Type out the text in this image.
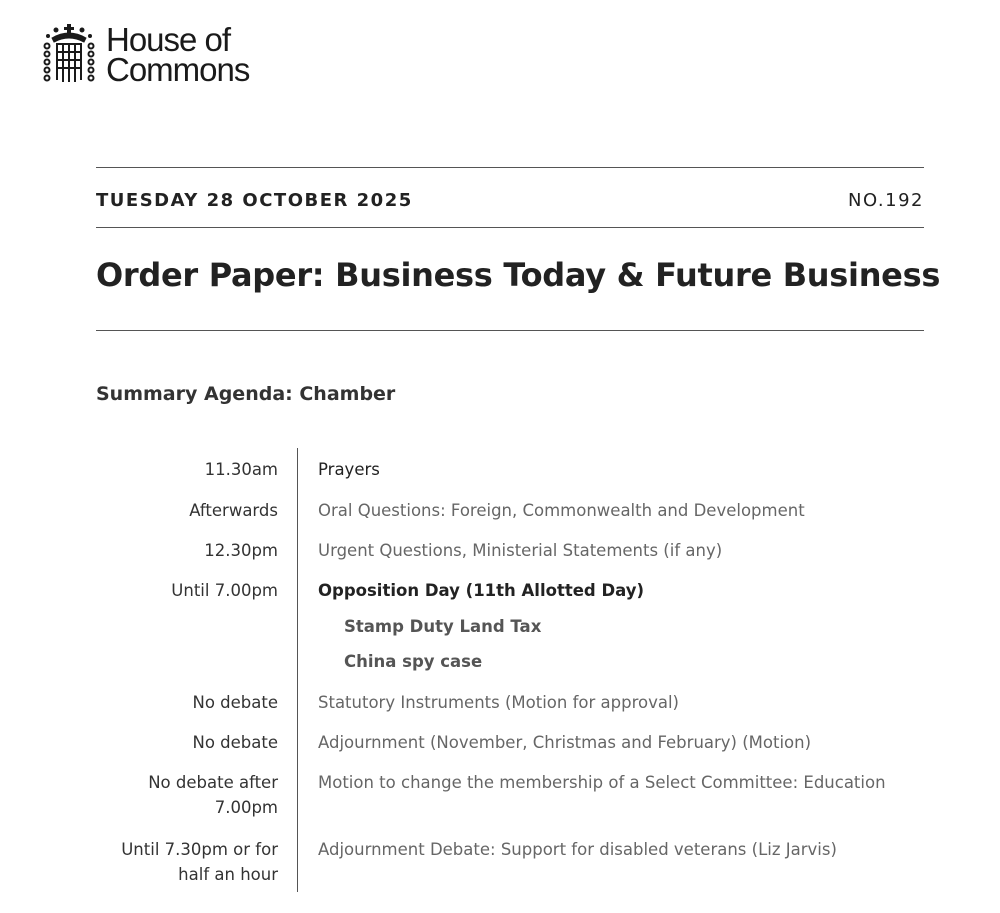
House of
Commons
TUESDAY 28 OCTOBER 2025	NO.192
Order Paper: Business Today & Future Business
Summary Agenda: Chamber
11.30am Prayers
Afterwards Oral Questions: Foreign, Commonwealth and Development
12.30pm Urgent Questions, Ministerial Statements (if any)
Until 7.00pm Opposition Day (11th Allotted Day)
Stamp Duty Land Tax
China spy case
No debate Statutory Instruments (Motion for approval)
No debate Adjournment (November, Christmas and February) (Motion)
No debate after
7.00pm
Motion to change the membership of a Select Committee: Education
Until 7.30pm or for
half an hour
Adjournment Debate: Support for disabled veterans (Liz Jarvis)
